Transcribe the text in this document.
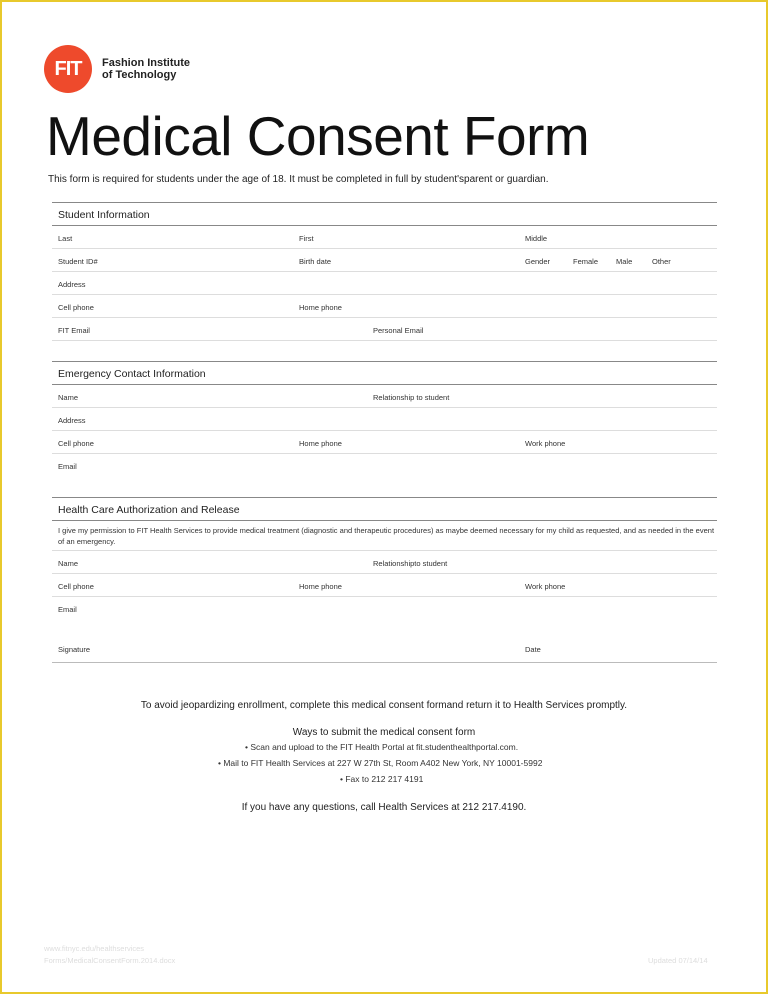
FIT	Fashion Institute
of Technology
Medical Consent Form
This form is required for students under the age of 18. It must be completed in full by student'sparent or guardian.
Student Information
Last	First	Middle
Student ID#	Birth date	Gender	Female Male	Other
Address
Cell phone	Home phone
FIT Email	Personal Email
Emergency Contact Information
Name	Relationship to student
Address
Cell phone	Home phone	Work phone
Email
Health Care Authorization and Release
I give my permission to FIT Health Services to provide medical treatment (diagnostic and therapeutic procedures) as maybe deemed necessary for my child as requested, and as needed in the event of an emergency.
Name	Relationshipto student
Cell phone	Home phone	Work phone
Email
Signature	Date
To avoid jeopardizing enrollment, complete this medical consent formand return it to Health Services promptly.
Ways to submit the medical consent form
• Scan and upload to the FIT Health Portal at fit.studenthealthportal.com.
• Mail to FIT Health Services at 227 W 27th St, Room A402 New York, NY 10001-5992
• Fax to 212 217 4191
If you have any questions, call Health Services at 212 217.4190.
www.fitnyc.edu/healthservices
Forms/MedicalConsentForm.2014.docx	Updated 07/14/14
